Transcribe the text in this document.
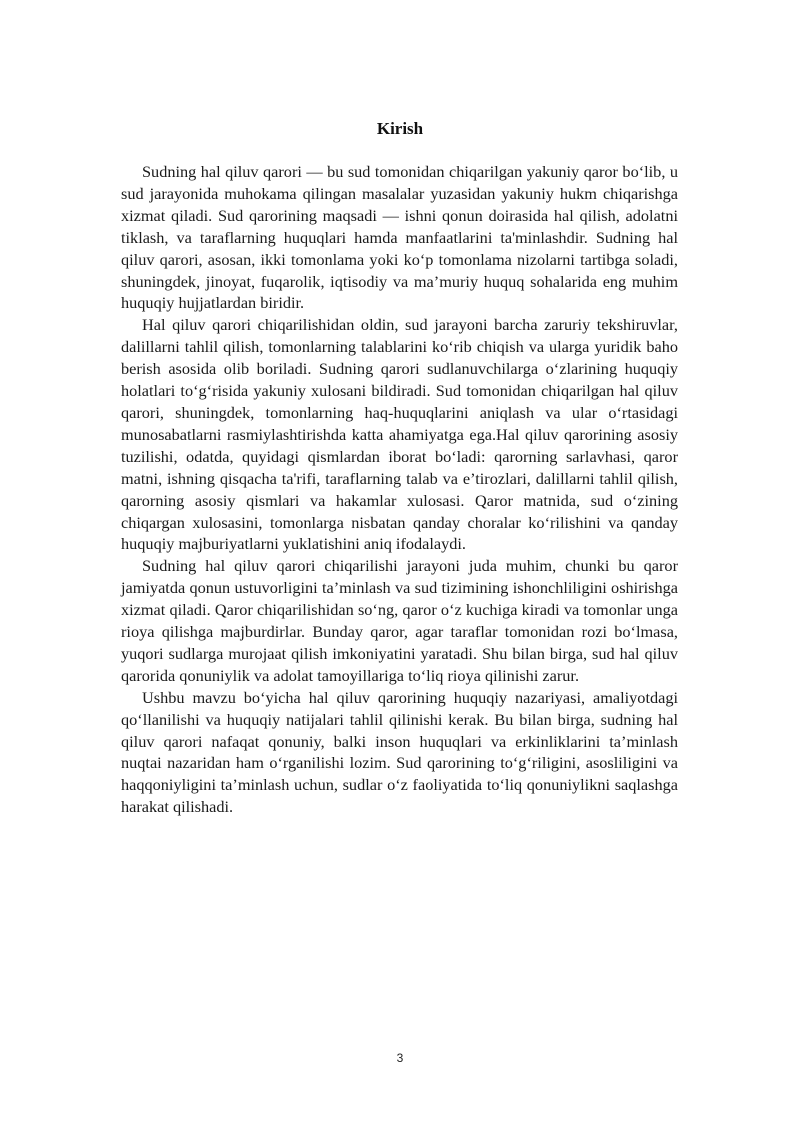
Kirish

Sudning hal qiluv qarori — bu sud tomonidan chiqarilgan yakuniy qaror bo‘lib, u sud jarayonida muhokama qilingan masalalar yuzasidan yakuniy hukm chiqarishga xizmat qiladi. Sud qarorining maqsadi — ishni qonun doirasida hal qilish, adolatni tiklash, va taraflarning huquqlari hamda manfaatlarini ta'minlashdir. Sudning hal qiluv qarori, asosan, ikki tomonlama yoki ko‘p tomonlama nizolarni tartibga soladi, shuningdek, jinoyat, fuqarolik, iqtisodiy va ma’muriy huquq sohalarida eng muhim huquqiy hujjatlardan biridir.

Hal qiluv qarori chiqarilishidan oldin, sud jarayoni barcha zaruriy tekshiruvlar, dalillarni tahlil qilish, tomonlarning talablarini ko‘rib chiqish va ularga yuridik baho berish asosida olib boriladi. Sudning qarori sudlanuvchilarga o‘zlarining huquqiy holatlari to‘g‘risida yakuniy xulosani bildiradi. Sud tomonidan chiqarilgan hal qiluv qarori, shuningdek, tomonlarning haq-huquqlarini aniqlash va ular o‘rtasidagi munosabatlarni rasmiylashtirishda katta ahamiyatga ega.Hal qiluv qarorining asosiy tuzilishi, odatda, quyidagi qismlardan iborat bo‘ladi: qarorning sarlavhasi, qaror matni, ishning qisqacha ta'rifi, taraflarning talab va e’tirozlari, dalillarni tahlil qilish, qarorning asosiy qismlari va hakamlar xulosasi. Qaror matnida, sud o‘zining chiqargan xulosasini, tomonlarga nisbatan qanday choralar ko‘rilishini va qanday huquqiy majburiyatlarni yuklatishini aniq ifodalaydi.

Sudning hal qiluv qarori chiqarilishi jarayoni juda muhim, chunki bu qaror jamiyatda qonun ustuvorligini ta’minlash va sud tizimining ishonchliligini oshirishga xizmat qiladi. Qaror chiqarilishidan so‘ng, qaror o‘z kuchiga kiradi va tomonlar unga rioya qilishga majburdirlar. Bunday qaror, agar taraflar tomonidan rozi bo‘lmasa, yuqori sudlarga murojaat qilish imkoniyatini yaratadi. Shu bilan birga, sud hal qiluv qarorida qonuniylik va adolat tamoyillariga to‘liq rioya qilinishi zarur.

Ushbu mavzu bo‘yicha hal qiluv qarorining huquqiy nazariyasi, amaliyotdagi qo‘llanilishi va huquqiy natijalari tahlil qilinishi kerak. Bu bilan birga, sudning hal qiluv qarori nafaqat qonuniy, balki inson huquqlari va erkinliklarini ta’minlash nuqtai nazaridan ham o‘rganilishi lozim. Sud qarorining to‘g‘riligini, asosliligini va haqqoniyligini ta’minlash uchun, sudlar o‘z faoliyatida to‘liq qonuniylikni saqlashga harakat qilishadi.

3
